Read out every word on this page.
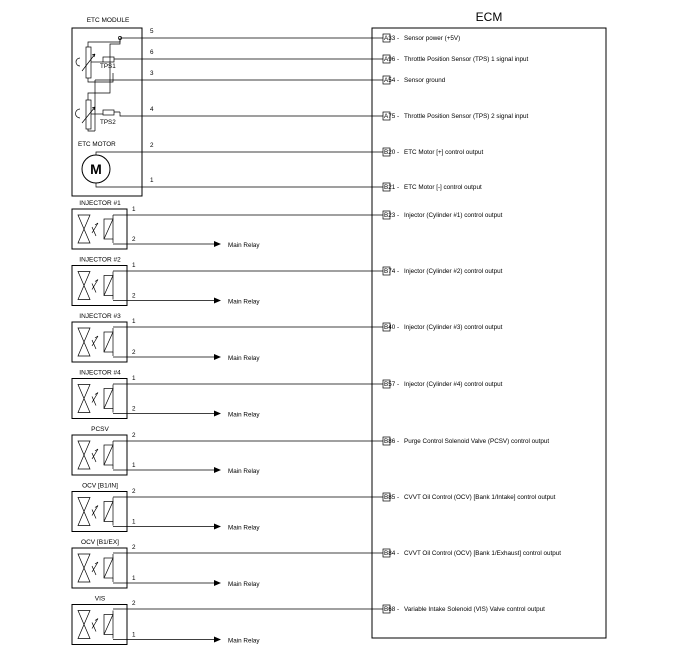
ECM
ETC MODULE
TPS1
TPS2
ETC MOTOR
M
5
A33 Sensor power (+5V)
-
6
A96 - Throttle Position Sensor (TPS) 1 signal input
3
A54 - Sensor ground
4
A75 - Throttle Position Sensor (TPS) 2 signal input
2
B20 - ETC Motor [+] control output
1
B21 - ETC Motor [-] control output
1
B23 - Injector (Cylinder #1) control output
1
B74 - Injector (Cylinder #2) control output
1
B40 - Injector (Cylinder #3) control output
1
B57 - Injector (Cylinder #4) control output
2
B86 - Purge Control Solenoid Valve (PCSV) control output
2
B85 - CVVT Oil Control (OCV) [Bank 1/Intake] control output
2
B84 - CVVT Oil Control (OCV) [Bank 1/Exhaust] control output
2
B68 - Variable Intake Solenoid (VIS) Valve control output
INJECTOR #1
2
Main Relay
INJECTOR #2
2
Main Relay
INJECTOR #3
2
Main Relay
INJECTOR #4
2
Main Relay
PCSV
1
Main Relay
OCV [B1/IN]
1
Main Relay
OCV [B1/EX]
1
Main Relay
VIS
1
Main Relay
